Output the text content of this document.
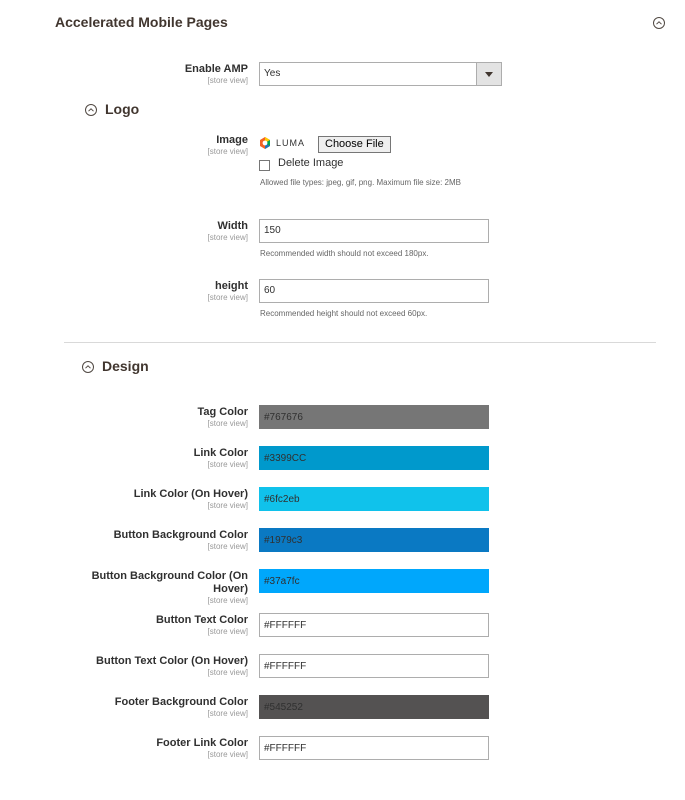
Accelerated Mobile Pages
Enable AMP
[store view]
Yes
Logo
Image
[store view]
LUMA	Choose File
Delete Image
Allowed file types: jpeg, gif, png. Maximum file size: 2MB
Width
[store view]
150
Recommended width should not exceed 180px.
height
[store view]
60
Recommended height should not exceed 60px.
Design
Tag Color
[store view]
#767676
Link Color
[store view]
#3399CC
Link Color (On Hover)
[store view]
#6fc2eb
Button Background Color
[store view]
#1979c3
Button Background Color (On Hover)
[store view]
#37a7fc
Button Text Color
[store view]
#FFFFFF
Button Text Color (On Hover)
[store view]
#FFFFFF
Footer Background Color
[store view]
#545252
Footer Link Color
[store view]
#FFFFFF
